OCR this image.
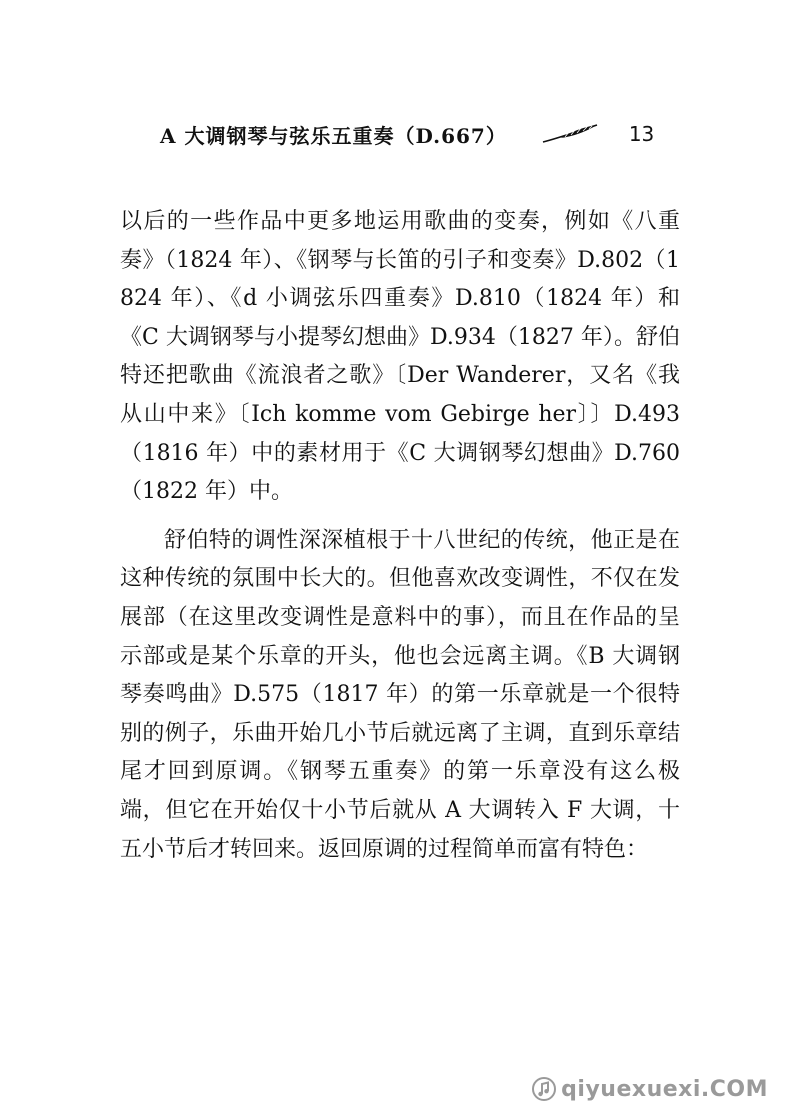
A 大调钢琴与弦乐五重奏（D.667）	13

以后的一些作品中更多地运用歌曲的变奏，例如《八重奏》（1824 年）、《钢琴与长笛的引子和变奏》D.802（1824 年）、《d 小调弦乐四重奏》D.810（1824 年）和《C 大调钢琴与小提琴幻想曲》D.934（1827 年）。舒伯特还把歌曲《流浪者之歌》〔Der Wanderer，又名《我从山中来》〔Ich komme vom Gebirge her〕〕D.493（1816 年）中的素材用于《C 大调钢琴幻想曲》D.760（1822 年）中。

舒伯特的调性深深植根于十八世纪的传统，他正是在这种传统的氛围中长大的。但他喜欢改变调性，不仅在发展部（在这里改变调性是意料中的事），而且在作品的呈示部或是某个乐章的开头，他也会远离主调。《B 大调钢琴奏鸣曲》D.575（1817 年）的第一乐章就是一个很特别的例子，乐曲开始几小节后就远离了主调，直到乐章结尾才回到原调。《钢琴五重奏》的第一乐章没有这么极端，但它在开始仅十小节后就从 A 大调转入 F 大调，十五小节后才转回来。返回原调的过程简单而富有特色：

qiyuexuexi.COM
